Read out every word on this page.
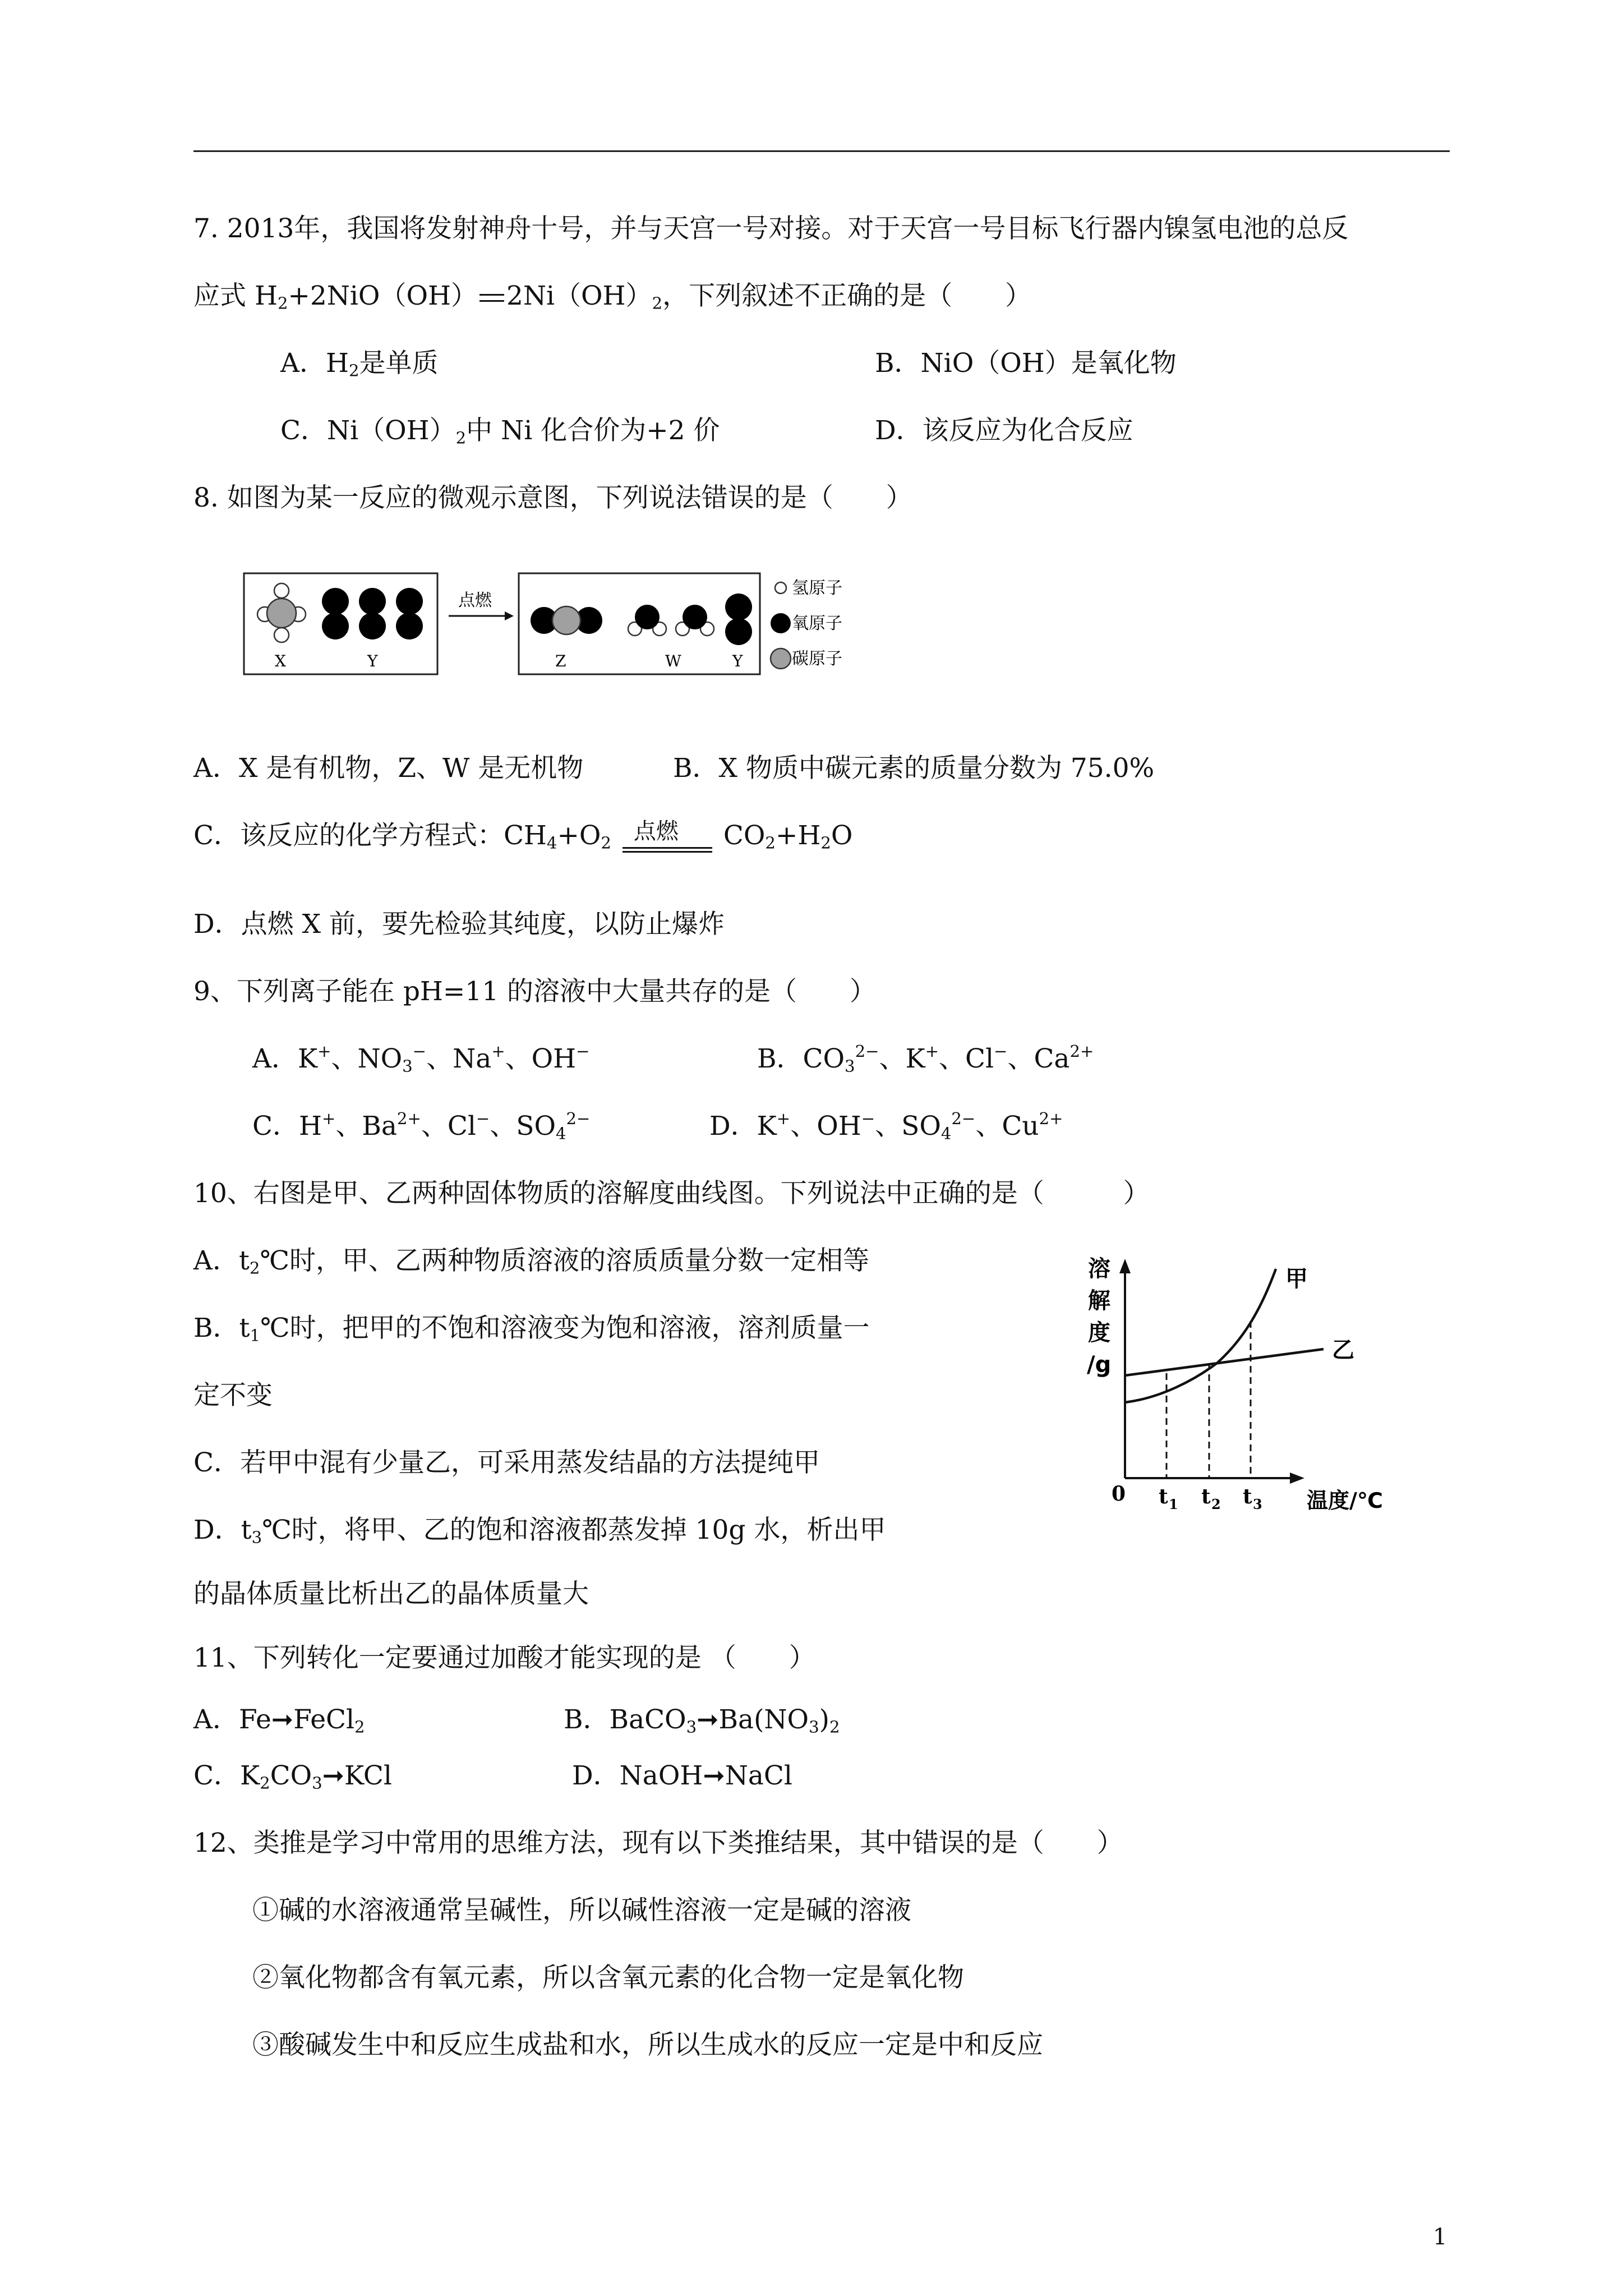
7. 2013年，我国将发射神舟十号，并与天宫一号对接。对于天宫一号目标飞行器内镍氢电池的总反
应式 $H_2+2NiO(OH)$ $2Ni(OH)_2$，下列叙述不正确的是（　　）
A．$H_2$是单质	B．NiO（OH）是氧化物
C．$Ni(OH)_2$中 Ni 化合价为+2 价	D．该反应为化合反应
8. 如图为某一反应的微观示意图，下列说法错误的是（　　）
X	Y
点燃
Z	W	Y
氢原子
氧原子
碳原子
A．X 是有机物，Z、W 是无机物	B．X 物质中碳元素的质量分数为 75.0%
C．该反应的化学方程式：$CH_4+O_2$ 点燃 $CO_2+H_2O$
D．点燃 X 前，要先检验其纯度，以防止爆炸
9、下列离子能在 pH=11 的溶液中大量共存的是（　　）
A．K+、$NO_3^-$、Na+、OH−	B．$CO_3^{2-}$、K+、Cl−、$Ca^{2+}$
C．H+、$Ba^{2+}$、Cl−、$SO_4^{2-}$	D．K+、OH−、$SO_4^{2-}$、$Cu^{2+}$
10、右图是甲、乙两种固体物质的溶解度曲线图。下列说法中正确的是（　　　）
A．$t_2℃$时，甲、乙两种物质溶液的溶质质量分数一定相等
B．$t_1℃$时，把甲的不饱和溶液变为饱和溶液，溶剂质量一
定不变
C．若甲中混有少量乙，可采用蒸发结晶的方法提纯甲
D．$t_3℃$时，将甲、乙的饱和溶液都蒸发掉 10g 水，析出甲
的晶体质量比析出乙的晶体质量大
溶
解
度
/g
甲
乙
0 t 1 t 2 t 3 温度/℃
11、下列转化一定要通过加酸才能实现的是 （　　）
A．Fe➞FeCl$_2$	B．$BaCO_3➞Ba(NO_3)_2$
C．$K_2CO_3➞KCl$	D．NaOH➞NaCl
12、类推是学习中常用的思维方法，现有以下类推结果，其中错误的是（　　）
①碱的水溶液通常呈碱性，所以碱性溶液一定是碱的溶液
②氧化物都含有氧元素，所以含氧元素的化合物一定是氧化物
③酸碱发生中和反应生成盐和水，所以生成水的反应一定是中和反应
1
